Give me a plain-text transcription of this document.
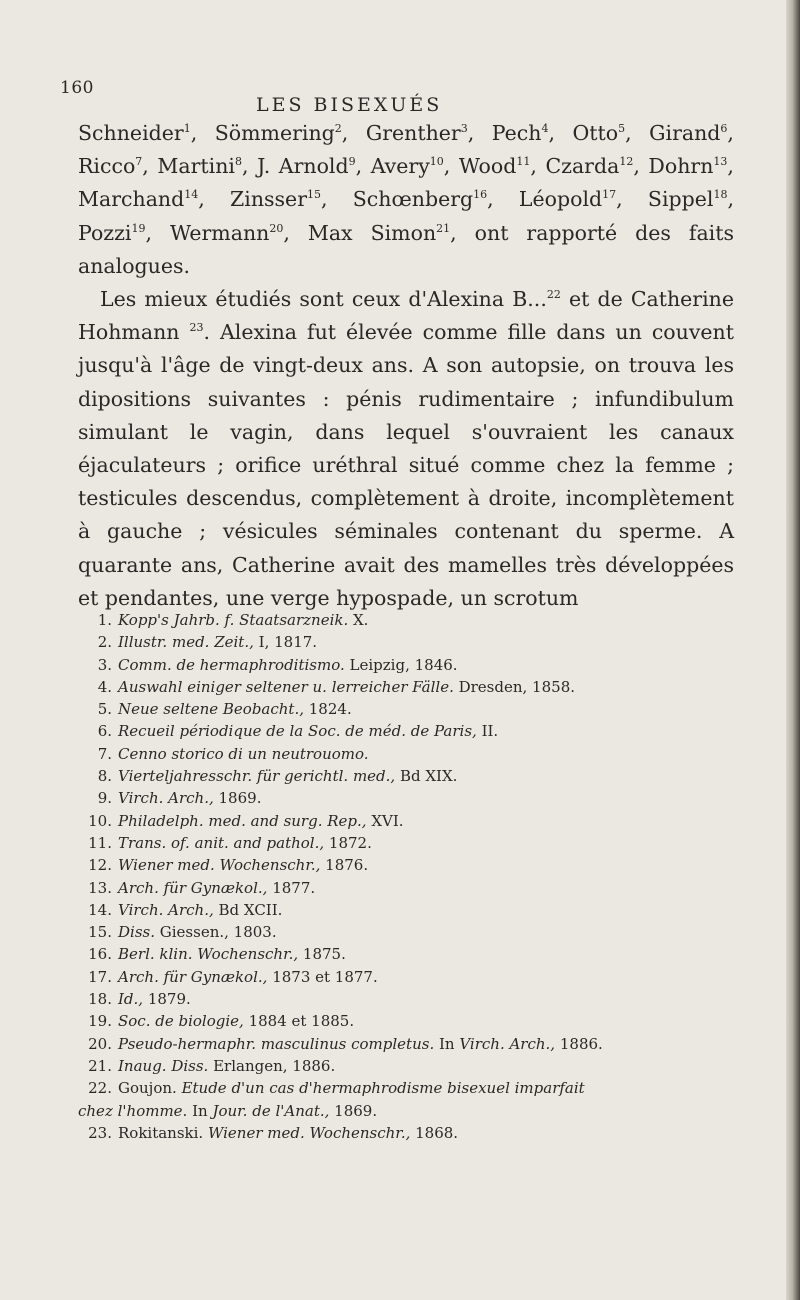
160
LES BISEXUÉS

Schneider$^1$, Sömmering$^2$, Grenther$^3$, Pech$^4$, Otto$^5$, Girand$^6$, Ricco$^7$, Martini$^8$, J. Arnold$^9$, Avery$^{10}$, Wood$^{11}$, Czarda$^{12}$, Dohrn$^{13}$, Marchand$^{14}$, Zinsser$^{15}$, Schœnberg$^{16}$, Léopold$^{17}$, Sippel$^{18}$, Pozzi$^{19}$, Wermann$^{20}$, Max Simon$^{21}$, ont rapporté des faits analogues.

Les mieux étudiés sont ceux d'Alexina B...$^{22}$ et de Catherine Hohmann $^{23}$. Alexina fut élevée comme fille dans un couvent jusqu'à l'âge de vingt-deux ans. A son autopsie, on trouva les dipositions suivantes : pénis rudimentaire ; infundibulum simulant le vagin, dans lequel s'ouvraient les canaux éjaculateurs ; orifice uréthral situé comme chez la femme ; testicules descendus, complètement à droite, incomplètement à gauche ; vésicules séminales contenant du sperme. A quarante ans, Catherine avait des mamelles très développées et pendantes, une verge hypospade, un scrotum

1. Kopp's Jahrb. f. Staatsarzneik. X.
2. Illustr. med. Zeit., I, 1817.
3. Comm. de hermaphroditismo. Leipzig, 1846.
4. Auswahl einiger seltener u. lerreicher Fälle. Dresden, 1858.
5. Neue seltene Beobacht., 1824.
6. Recueil périodique de la Soc. de méd. de Paris, II.
7. Cenno storico di un neutrouomo.
8. Vierteljahresschr. für gerichtl. med., Bd XIX.
9. Virch. Arch., 1869.
10. Philadelph. med. and surg. Rep., XVI.
11. Trans. of. anit. and pathol., 1872.
12. Wiener med. Wochenschr., 1876.
13. Arch. für Gynækol., 1877.
14. Virch. Arch., Bd XCII.
15. Diss. Giessen., 1803.
16. Berl. klin. Wochenschr., 1875.
17. Arch. für Gynækol., 1873 et 1877.
18. Id., 1879.
19. Soc. de biologie, 1884 et 1885.
20. Pseudo-hermaphr. masculinus completus. In Virch. Arch., 1886.
21. Inaug. Diss. Erlangen, 1886.
22. Goujon. Etude d'un cas d'hermaphrodisme bisexuel imparfait
chez l'homme. In Jour. de l'Anat., 1869.
23. Rokitanski. Wiener med. Wochenschr., 1868.
